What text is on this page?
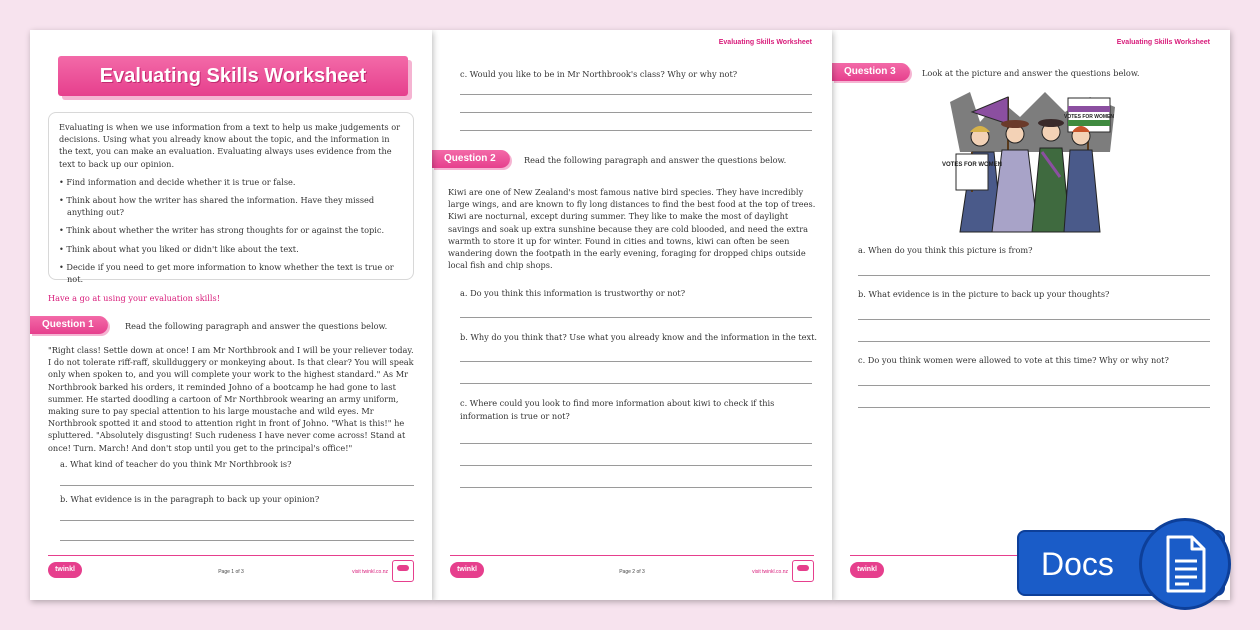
Evaluating Skills Worksheet

Evaluating is when we use information from a text to help us make judgements or decisions. Using what you already know about the topic, and the information in the text, you can make an evaluation. Evaluating always uses evidence from the text to back up our opinion.

• Find information and decide whether it is true or false.
• Think about how the writer has shared the information. Have they missed anything out?
• Think about whether the writer has strong thoughts for or against the topic.
• Think about what you liked or didn't like about the text.
• Decide if you need to get more information to know whether the text is true or not.
Have a go at using your evaluation skills!
Question 1	Read the following paragraph and answer the questions below.
"Right class! Settle down at once! I am Mr Northbrook and I will be your reliever today. I do not tolerate riff-raff, skullduggery or monkeying about. Is that clear? You will speak only when spoken to, and you will complete your work to the highest standard." As Mr Northbrook barked his orders, it reminded Johno of a bootcamp he had gone to last summer. He started doodling a cartoon of Mr Northbrook wearing an army uniform, making sure to pay special attention to his large moustache and wild eyes. Mr Northbrook spotted it and stood to attention right in front of Johno. "What is this!" he spluttered. "Absolutely disgusting! Such rudeness I have never come across! Stand at once! Turn. March! And don't stop until you get to the principal's office!"
a. What kind of teacher do you think Mr Northbrook is?
b. What evidence is in the paragraph to back up your opinion?
twinkl	Page 1 of 3	visit twinkl.co.nz
Evaluating Skills Worksheet
c. Would you like to be in Mr Northbrook's class? Why or why not?
Question 2	Read the following paragraph and answer the questions below.
Kiwi are one of New Zealand's most famous native bird species. They have incredibly large wings, and are known to fly long distances to find the best food at the top of trees. Kiwi are nocturnal, except during summer. They like to make the most of daylight savings and soak up extra sunshine because they are cold blooded, and need the extra warmth to store it up for winter. Found in cities and towns, kiwi can often be seen wandering down the footpath in the early evening, foraging for dropped chips outside local fish and chip shops.
a. Do you think this information is trustworthy or not?
b. Why do you think that? Use what you already know and the information in the text.
c. Where could you look to find more information about kiwi to check if this information is true or not?
twinkl	Page 2 of 3	visit twinkl.co.nz
Evaluating Skills Worksheet
Question 3	Look at the picture and answer the questions below.
VOTES FOR WOMEN
VOTES FOR WOMEN
a. When do you think this picture is from?
b. What evidence is in the picture to back up your thoughts?
c. Do you think women were allowed to vote at this time? Why or why not?
twinkl	Docs
